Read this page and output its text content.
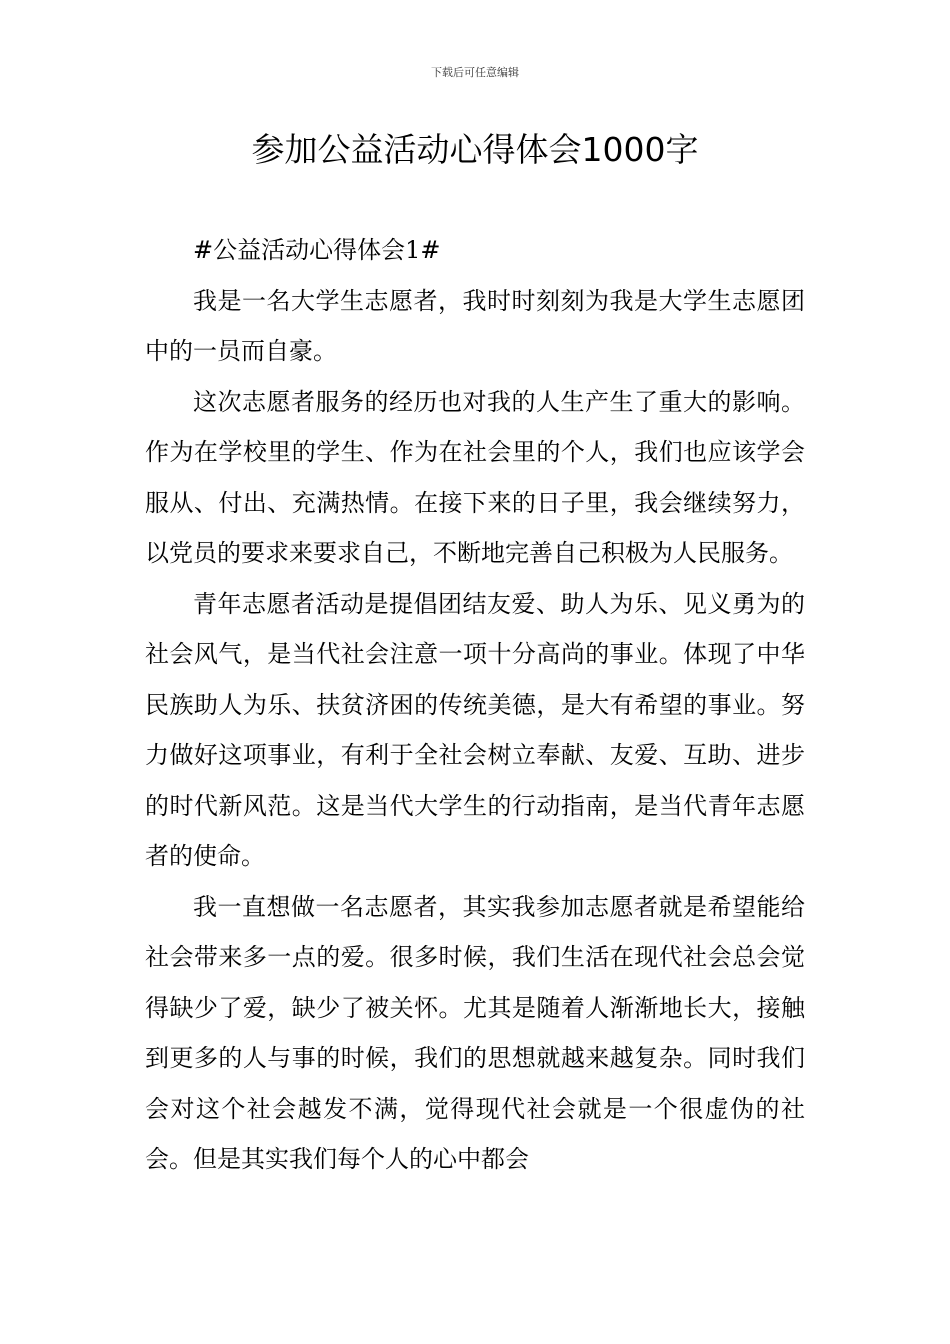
下载后可任意编辑
参加公益活动心得体会1000字

#公益活动心得体会1#

我是一名大学生志愿者，我时时刻刻为我是大学生志愿团中的一员而自豪。

这次志愿者服务的经历也对我的人生产生了重大的影响。作为在学校里的学生、作为在社会里的个人，我们也应该学会服从、付出、充满热情。在接下来的日子里，我会继续努力，以党员的要求来要求自己，不断地完善自己积极为人民服务。

青年志愿者活动是提倡团结友爱、助人为乐、见义勇为的社会风气，是当代社会注意一项十分高尚的事业。体现了中华民族助人为乐、扶贫济困的传统美德，是大有希望的事业。努力做好这项事业，有利于全社会树立奉献、友爱、互助、进步的时代新风范。这是当代大学生的行动指南，是当代青年志愿者的使命。

我一直想做一名志愿者，其实我参加志愿者就是希望能给社会带来多一点的爱。很多时候，我们生活在现代社会总会觉得缺少了爱，缺少了被关怀。尤其是随着人渐渐地长大，接触到更多的人与事的时候，我们的思想就越来越复杂。同时我们会对这个社会越发不满，觉得现代社会就是一个很虚伪的社会。但是其实我们每个人的心中都会
